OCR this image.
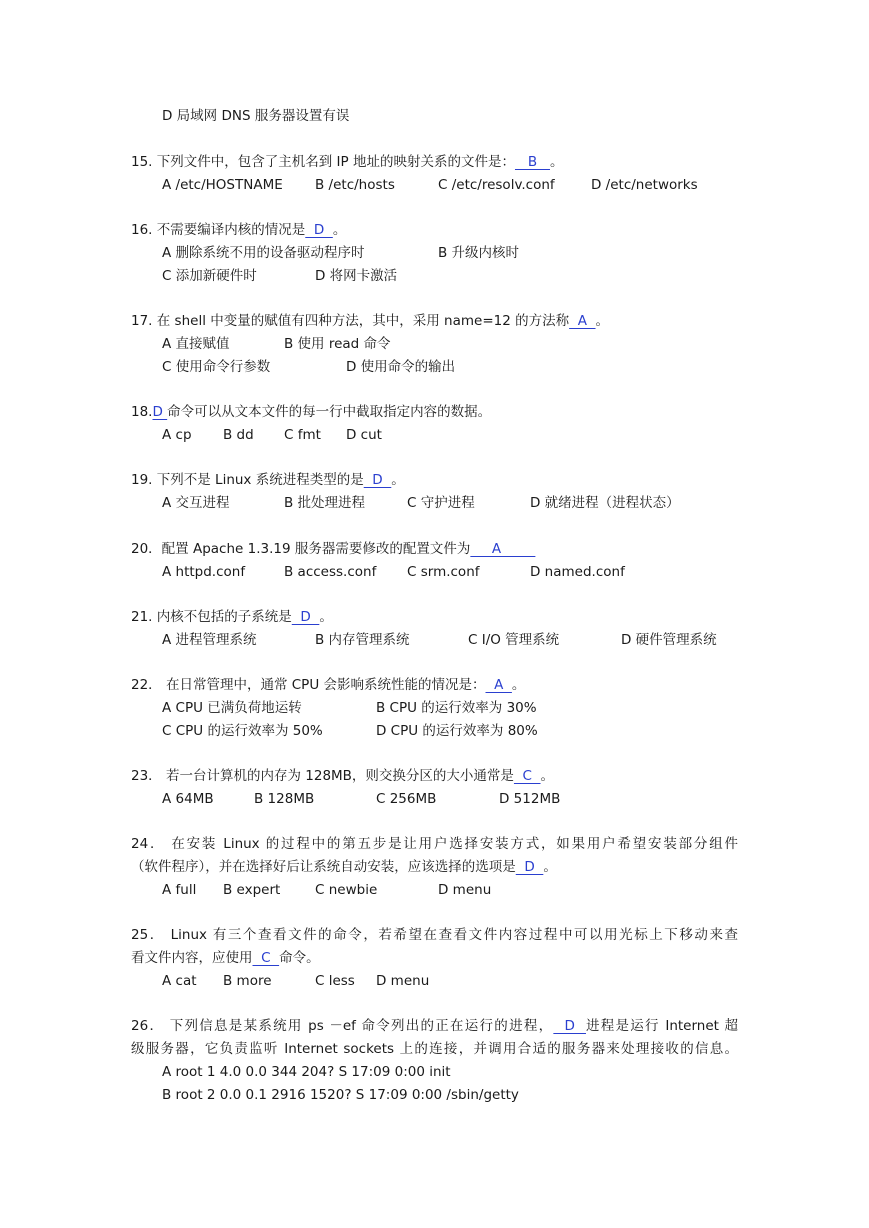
D 局域网 DNS 服务器设置有误
15. 下列文件中，包含了主机名到 IP 地址的映射关系的文件是：   B   。
A /etc/HOSTNAME B /etc/hosts	C /etc/resolv.conf	D /etc/networks
16. 不需要编译内核的情况是  D  。
A 删除系统不用的设备驱动程序时	B 升级内核时
C 添加新硬件时	D 将网卡激活
17. 在 shell 中变量的赋值有四种方法，其中，采用 name=12 的方法称  A  。
A 直接赋值	B 使用 read 命令
C 使用命令行参数	D 使用命令的输出
18.D 命令可以从文本文件的每一行中截取指定内容的数据。
A cp B dd C fmt D cut
19. 下列不是 Linux 系统进程类型的是  D  。
A 交互进程	B 批处理进程	C 守护进程	D 就绪进程（进程状态）
20．配置 Apache 1.3.19 服务器需要修改的配置文件为     A
A httpd.conf	B access.conf C srm.conf	D named.conf
21. 内核不包括的子系统是  D  。
A 进程管理系统	B 内存管理系统	C I/O 管理系统	D 硬件管理系统
22． 在日常管理中，通常 CPU 会影响系统性能的情况是：  A  。
A CPU 已满负荷地运转	B CPU 的运行效率为 30%
C CPU 的运行效率为 50%	D CPU 的运行效率为 80%
23． 若一台计算机的内存为 128MB，则交换分区的大小通常是  C  。
A 64MB	B 128MB	C 256MB	D 512MB
24． 在安装 Linux 的过程中的第五步是让用户选择安装方式，如果用户希望安装部分组件
（软件程序），并在选择好后让系统自动安装，应该选择的选项是  D  。
A full B expert	C newbie	D menu
25． Linux 有三个查看文件的命令，若希望在查看文件内容过程中可以用光标上下移动来查
看文件内容，应使用  C  命令。
A cat B more	C less D menu
26． 下列信息是某系统用 ps －ef 命令列出的正在运行的进程，  D  进程是运行 Internet 超
级服务器，它负责监听 Internet sockets 上的连接，并调用合适的服务器来处理接收的信息。
A root 1 4.0 0.0 344 204? S 17:09 0:00 init
B root 2 0.0 0.1 2916 1520? S 17:09 0:00 /sbin/getty
